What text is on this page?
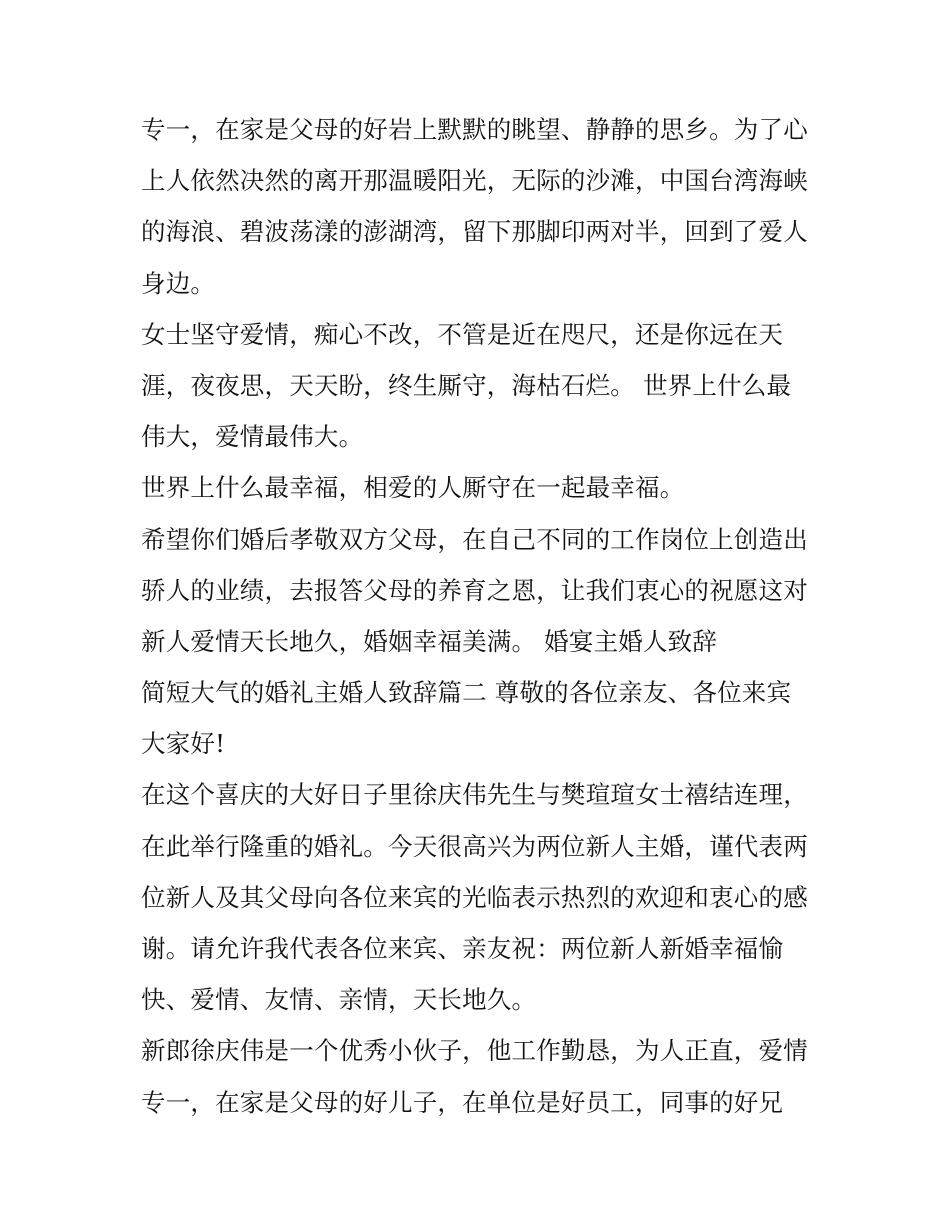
专一，在家是父母的好岩上默默的眺望、静静的思乡。为了心
上人依然决然的离开那温暖阳光，无际的沙滩，中国台湾海峡
的海浪、碧波荡漾的澎湖湾，留下那脚印两对半，回到了爱人
身边。
女士坚守爱情，痴心不改，不管是近在咫尺，还是你远在天
涯，夜夜思，天天盼，终生厮守，海枯石烂。 世界上什么最
伟大，爱情最伟大。
世界上什么最幸福，相爱的人厮守在一起最幸福。
希望你们婚后孝敬双方父母，在自己不同的工作岗位上创造出
骄人的业绩，去报答父母的养育之恩，让我们衷心的祝愿这对
新人爱情天长地久，婚姻幸福美满。 婚宴主婚人致辞
简短大气的婚礼主婚人致辞篇二 尊敬的各位亲友、各位来宾
大家好!
在这个喜庆的大好日子里徐庆伟先生与樊瑄瑄女士禧结连理，
在此举行隆重的婚礼。今天很高兴为两位新人主婚，谨代表两
位新人及其父母向各位来宾的光临表示热烈的欢迎和衷心的感
谢。请允许我代表各位来宾、亲友祝：两位新人新婚幸福愉
快、爱情、友情、亲情，天长地久。
新郎徐庆伟是一个优秀小伙子，他工作勤恳，为人正直，爱情
专一，在家是父母的好儿子，在单位是好员工，同事的好兄
